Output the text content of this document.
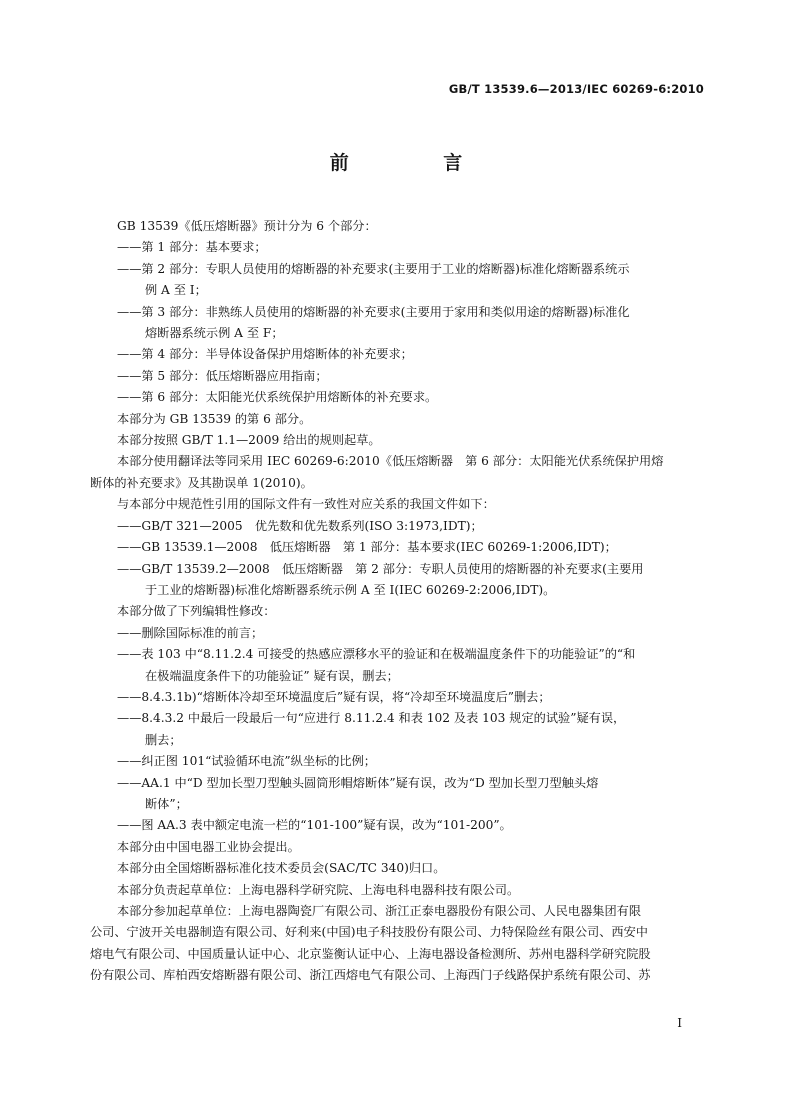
GB/T 13539.6—2013/IEC 60269-6:2010
前 言

GB 13539《低压熔断器》预计分为 6 个部分：

——第 1 部分：基本要求；

——第 2 部分：专职人员使用的熔断器的补充要求(主要用于工业的熔断器)标准化熔断器系统示

例 A 至 I；

——第 3 部分：非熟练人员使用的熔断器的补充要求(主要用于家用和类似用途的熔断器)标准化

熔断器系统示例 A 至 F；

——第 4 部分：半导体设备保护用熔断体的补充要求；

——第 5 部分：低压熔断器应用指南；

——第 6 部分：太阳能光伏系统保护用熔断体的补充要求。

本部分为 GB 13539 的第 6 部分。

本部分按照 GB/T 1.1—2009 给出的规则起草。

本部分使用翻译法等同采用 IEC 60269-6:2010《低压熔断器　第 6 部分：太阳能光伏系统保护用熔

断体的补充要求》及其勘误单 1(2010)。

与本部分中规范性引用的国际文件有一致性对应关系的我国文件如下：

——GB/T 321—2005　优先数和优先数系列(ISO 3:1973,IDT)；

——GB 13539.1—2008　低压熔断器　第 1 部分：基本要求(IEC 60269-1:2006,IDT)；

——GB/T 13539.2—2008　低压熔断器　第 2 部分：专职人员使用的熔断器的补充要求(主要用

于工业的熔断器)标准化熔断器系统示例 A 至 I(IEC 60269-2:2006,IDT)。

本部分做了下列编辑性修改：

——删除国际标准的前言；

——表 103 中“8.11.2.4 可接受的热感应漂移水平的验证和在极端温度条件下的功能验证”的“和

在极端温度条件下的功能验证” 疑有误，删去；

——8.4.3.1b)“熔断体冷却至环境温度后”疑有误，将“冷却至环境温度后”删去；

——8.4.3.2 中最后一段最后一句“应进行 8.11.2.4 和表 102 及表 103 规定的试验”疑有误，

删去；

——纠正图 101“试验循环电流”纵坐标的比例；

——AA.1 中“D 型加长型刀型触头圆筒形帽熔断体”疑有误，改为“D 型加长型刀型触头熔

断体”；

——图 AA.3 表中额定电流一栏的“101-100”疑有误，改为“101-200”。

本部分由中国电器工业协会提出。

本部分由全国熔断器标准化技术委员会(SAC/TC 340)归口。

本部分负责起草单位：上海电器科学研究院、上海电科电器科技有限公司。

本部分参加起草单位：上海电器陶瓷厂有限公司、浙江正泰电器股份有限公司、人民电器集团有限

公司、宁波开关电器制造有限公司、好利来(中国)电子科技股份有限公司、力特保险丝有限公司、西安中

熔电气有限公司、中国质量认证中心、北京鉴衡认证中心、上海电器设备检测所、苏州电器科学研究院股

份有限公司、库柏西安熔断器有限公司、浙江西熔电气有限公司、上海西门子线路保护系统有限公司、苏

I
